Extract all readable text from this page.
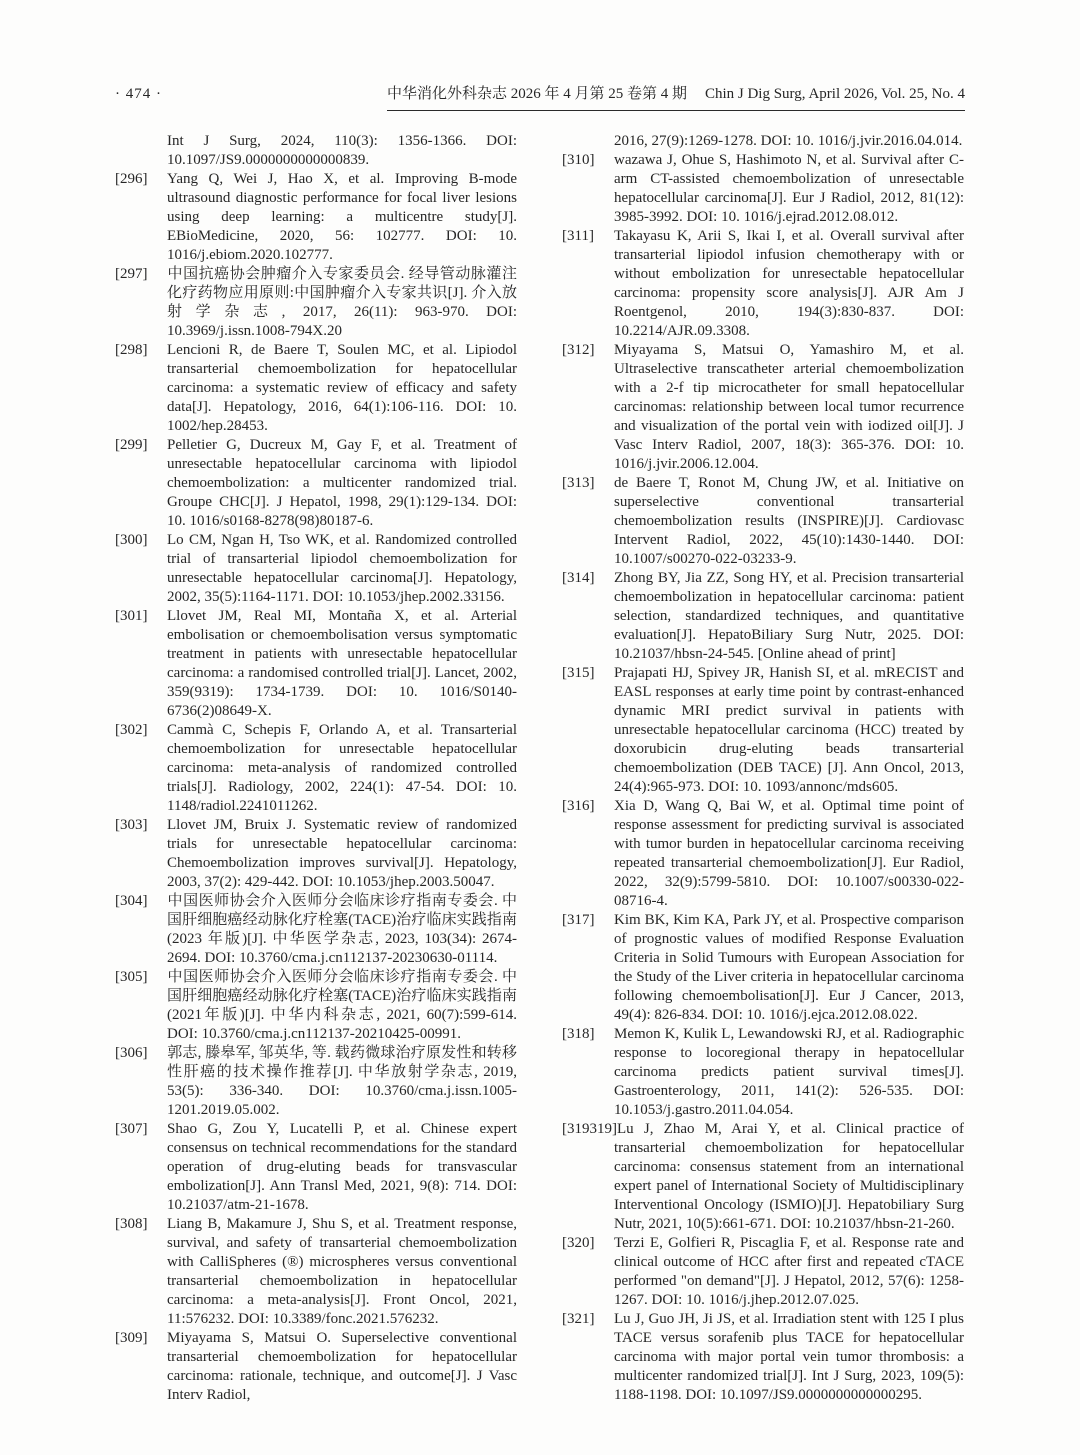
· 474 ·	中华消化外科杂志 2026 年 4 月第 25 卷第 4 期 Chin J Dig Surg, April 2026, Vol. 25, No. 4
Int J Surg, 2024, 110(3): 1356-1366. DOI: 10.1097/JS9.0000000000000839.
[296] Yang Q, Wei J, Hao X, et al. Improving B-mode ultrasound diagnostic performance for focal liver lesions using deep learning: a multicentre study[J]. EBioMedicine, 2020, 56: 102777. DOI: 10. 1016/j.ebiom.2020.102777.
[297] 中国抗癌协会肿瘤介入专家委员会. 经导管动脉灌注化疗药物应用原则:中国肿瘤介入专家共识[J]. 介入放射学杂志, 2017, 26(11): 963-970. DOI: 10.3969/j.issn.1008-794X.20
[298] Lencioni R, de Baere T, Soulen MC, et al. Lipiodol transarterial chemoembolization for hepatocellular carcinoma: a systematic review of efficacy and safety data[J]. Hepatology, 2016, 64(1):106-116. DOI: 10. 1002/hep.28453.
[299] Pelletier G, Ducreux M, Gay F, et al. Treatment of unresectable hepatocellular carcinoma with lipiodol chemoembolization: a multicenter randomized trial. Groupe CHC[J]. J Hepatol, 1998, 29(1):129-134. DOI: 10. 1016/s0168-8278(98)80187-6.
[300] Lo CM, Ngan H, Tso WK, et al. Randomized controlled trial of transarterial lipiodol chemoembolization for unresectable hepatocellular carcinoma[J]. Hepatology, 2002, 35(5):1164-1171. DOI: 10.1053/jhep.2002.33156.
[301] Llovet JM, Real MI, Montaña X, et al. Arterial embolisation or chemoembolisation versus symptomatic treatment in patients with unresectable hepatocellular carcinoma: a randomised controlled trial[J]. Lancet, 2002, 359(9319): 1734-1739. DOI: 10. 1016/S0140-6736(2)08649-X.
[302] Cammà C, Schepis F, Orlando A, et al. Transarterial chemoembolization for unresectable hepatocellular carcinoma: meta-analysis of randomized controlled trials[J]. Radiology, 2002, 224(1): 47-54. DOI: 10. 1148/radiol.2241011262.
[303] Llovet JM, Bruix J. Systematic review of randomized trials for unresectable hepatocellular carcinoma: Chemoembolization improves survival[J]. Hepatology, 2003, 37(2): 429-442. DOI: 10.1053/jhep.2003.50047.
[304] 中国医师协会介入医师分会临床诊疗指南专委会. 中国肝细胞癌经动脉化疗栓塞(TACE)治疗临床实践指南(2023 年版)[J]. 中华医学杂志, 2023, 103(34): 2674-2694. DOI: 10.3760/cma.j.cn112137-20230630-01114.
[305] 中国医师协会介入医师分会临床诊疗指南专委会. 中国肝细胞癌经动脉化疗栓塞(TACE)治疗临床实践指南(2021年版)[J]. 中华内科杂志, 2021, 60(7):599-614. DOI: 10.3760/cma.j.cn112137-20210425-00991.
[306] 郭志, 滕皋军, 邹英华, 等. 载药微球治疗原发性和转移性肝癌的技术操作推荐[J]. 中华放射学杂志, 2019, 53(5): 336-340. DOI: 10.3760/cma.j.issn.1005-1201.2019.05.002.
[307] Shao G, Zou Y, Lucatelli P, et al. Chinese expert consensus on technical recommendations for the standard operation of drug-eluting beads for transvascular embolization[J]. Ann Transl Med, 2021, 9(8): 714. DOI: 10.21037/atm-21-1678.
[308] Liang B, Makamure J, Shu S, et al. Treatment response, survival, and safety of transarterial chemoembolization with CalliSpheres (®) microspheres versus conventional transarterial chemoembolization in hepatocellular carcinoma: a meta-analysis[J]. Front Oncol, 2021, 11:576232. DOI: 10.3389/fonc.2021.576232.
[309] Miyayama S, Matsui O. Superselective conventional transarterial chemoembolization for hepatocellular carcinoma: rationale, technique, and outcome[J]. J Vasc Interv Radiol,
2016, 27(9):1269-1278. DOI: 10. 1016/j.jvir.2016.04.014.
[310] wazawa J, Ohue S, Hashimoto N, et al. Survival after C-arm CT-assisted chemoembolization of unresectable hepatocellular carcinoma[J]. Eur J Radiol, 2012, 81(12): 3985-3992. DOI: 10. 1016/j.ejrad.2012.08.012.
[311] Takayasu K, Arii S, Ikai I, et al. Overall survival after transarterial lipiodol infusion chemotherapy with or without embolization for unresectable hepatocellular carcinoma: propensity score analysis[J]. AJR Am J Roentgenol, 2010, 194(3):830-837. DOI: 10.2214/AJR.09.3308.
[312] Miyayama S, Matsui O, Yamashiro M, et al. Ultraselective transcatheter arterial chemoembolization with a 2-f tip microcatheter for small hepatocellular carcinomas: relationship between local tumor recurrence and visualization of the portal vein with iodized oil[J]. J Vasc Interv Radiol, 2007, 18(3): 365-376. DOI: 10. 1016/j.jvir.2006.12.004.
[313] de Baere T, Ronot M, Chung JW, et al. Initiative on superselective conventional transarterial chemoembolization results (INSPIRE)[J]. Cardiovasc Intervent Radiol, 2022, 45(10):1430-1440. DOI: 10.1007/s00270-022-03233-9.
[314] Zhong BY, Jia ZZ, Song HY, et al. Precision transarterial chemoembolization in hepatocellular carcinoma: patient selection, standardized techniques, and quantitative evaluation[J]. HepatoBiliary Surg Nutr, 2025. DOI: 10.21037/hbsn-24-545. [Online ahead of print]
[315] Prajapati HJ, Spivey JR, Hanish SI, et al. mRECIST and EASL responses at early time point by contrast-enhanced dynamic MRI predict survival in patients with unresectable hepatocellular carcinoma (HCC) treated by doxorubicin drug-eluting beads transarterial chemoembolization (DEB TACE) [J]. Ann Oncol, 2013, 24(4):965-973. DOI: 10. 1093/annonc/mds605.
[316] Xia D, Wang Q, Bai W, et al. Optimal time point of response assessment for predicting survival is associated with tumor burden in hepatocellular carcinoma receiving repeated transarterial chemoembolization[J]. Eur Radiol, 2022, 32(9):5799-5810. DOI: 10.1007/s00330-022-08716-4.
[317] Kim BK, Kim KA, Park JY, et al. Prospective comparison of prognostic values of modified Response Evaluation Criteria in Solid Tumours with European Association for the Study of the Liver criteria in hepatocellular carcinoma following chemoembolisation[J]. Eur J Cancer, 2013, 49(4): 826-834. DOI: 10. 1016/j.ejca.2012.08.022.
[318] Memon K, Kulik L, Lewandowski RJ, et al. Radiographic response to locoregional therapy in hepatocellular carcinoma predicts patient survival times[J]. Gastroenterology, 2011, 141(2): 526-535. DOI: 10.1053/j.gastro.2011.04.054.
[319319]Lu J, Zhao M, Arai Y, et al. Clinical practice of transarterial chemoembolization for hepatocellular carcinoma: consensus statement from an international expert panel of International Society of Multidisciplinary Interventional Oncology (ISMIO)[J]. Hepatobiliary Surg Nutr, 2021, 10(5):661-671. DOI: 10.21037/hbsn-21-260.
[320] Terzi E, Golfieri R, Piscaglia F, et al. Response rate and clinical outcome of HCC after first and repeated cTACE performed "on demand"[J]. J Hepatol, 2012, 57(6): 1258-1267. DOI: 10. 1016/j.jhep.2012.07.025.
[321] Lu J, Guo JH, Ji JS, et al. Irradiation stent with 125 I plus TACE versus sorafenib plus TACE for hepatocellular carcinoma with major portal vein tumor thrombosis: a multicenter randomized trial[J]. Int J Surg, 2023, 109(5): 1188-1198. DOI: 10.1097/JS9.0000000000000295.
